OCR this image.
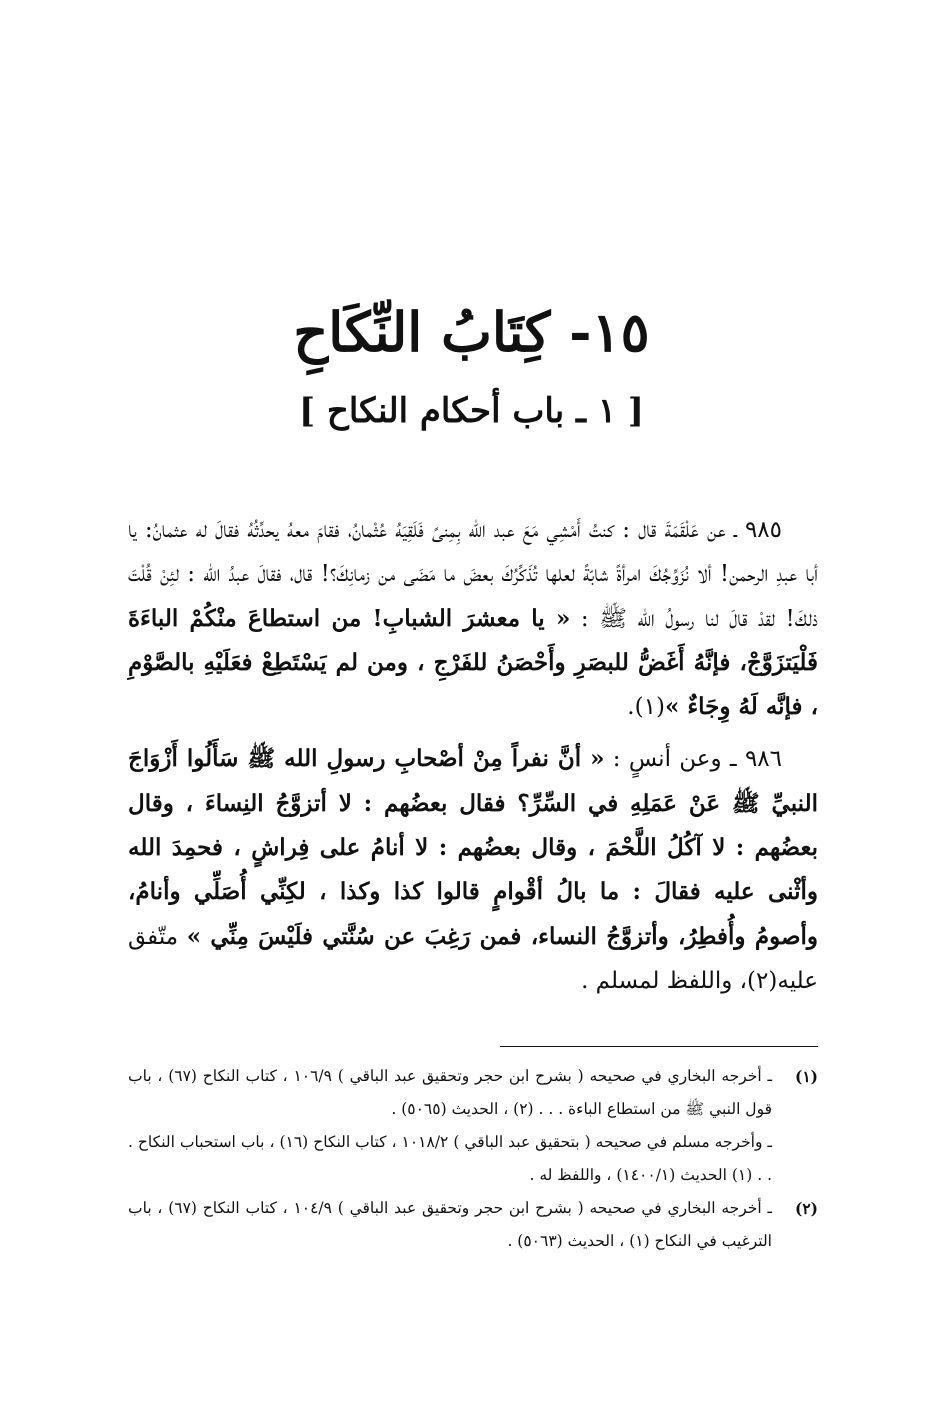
١٥- كِتَابُ النِّكَاحِ
[ ١ ـ باب أحكام النكاح ]

٩٨٥ ـ عن عَلْقَمَةَ قال : كنتُ أَمْشِي مَعَ عبد الله بِمِنىً فَلَقِيَهُ عُثْمانُ، فقامَ معهُ يحدِّثُهُ فقالَ له عثمانُ: يا أبا عبدِ الرحمن! ألا نُزَوِّجُكَ امرأةً شابّةً لعلها تُذَكِّرُكَ بعضَ ما مَضَى من زمانِكَ؟! قال، فقالَ عبدُ الله : لئِنْ قُلْتَ ذلكَ! لقدْ قالَ لنا رسولُ الله ﷺ : « يا معشرَ الشبابِ! من استطاعَ منْكُمْ الباءَةَ فَلْيَتزَوَّجْ، فإنَّهُ أَغَضُّ للبصَرِ وأَحْصَنُ للفَرْجِ ، ومن لم يَسْتَطِعْ فعَلَيْهِ بالصَّوْمِ ، فإنَّه لَهُ وِجَاءٌ »(١).

٩٨٦ ـ وعن أنسٍ : « أنَّ نفراً مِنْ أصْحابِ رسولِ الله ﷺ سَأَلُوا أَزْوَاجَ النبيِّ ﷺ عَنْ عَمَلِهِ في السِّرِّ؟ فقال بعضُهم : لا أتزوَّجُ النِساءَ ، وقال بعضُهم : لا آكُلُ اللَّحْمَ ، وقال بعضُهم : لا أنامُ على فِراشٍ ، فحمِدَ الله وأثْنى عليه فقالَ : ما بالُ أقْوامٍ قالوا كذا وكذا ، لكِنِّي أُصَلِّي وأنامُ، وأصومُ وأُفطِرُ، وأتزوَّجُ النساء، فمن رَغِبَ عن سُنَّتي فلَيْسَ مِنِّي » متّفق عليه(٢)، واللفظ لمسلم .

(١)
ـ أخرجه البخاري في صحيحه ( بشرح ابن حجر وتحقيق عبد الباقي ) ١٠٦/٩ ، كتاب النكاح (٦٧) ، باب قول النبي ﷺ من استطاع الباءة . . . (٢) ، الحديث (٥٠٦٥) .

ـ وأخرجه مسلم في صحيحه ( بتحقيق عبد الباقي ) ١٠١٨/٢ ، كتاب النكاح (١٦) ، باب استحباب النكاح . . . (١) الحديث (١٤٠٠/١) ، واللفظ له .

(٢)
ـ أخرجه البخاري في صحيحه ( بشرح ابن حجر وتحقيق عبد الباقي ) ١٠٤/٩ ، كتاب النكاح (٦٧) ، باب الترغيب في النكاح (١) ، الحديث (٥٠٦٣) .
